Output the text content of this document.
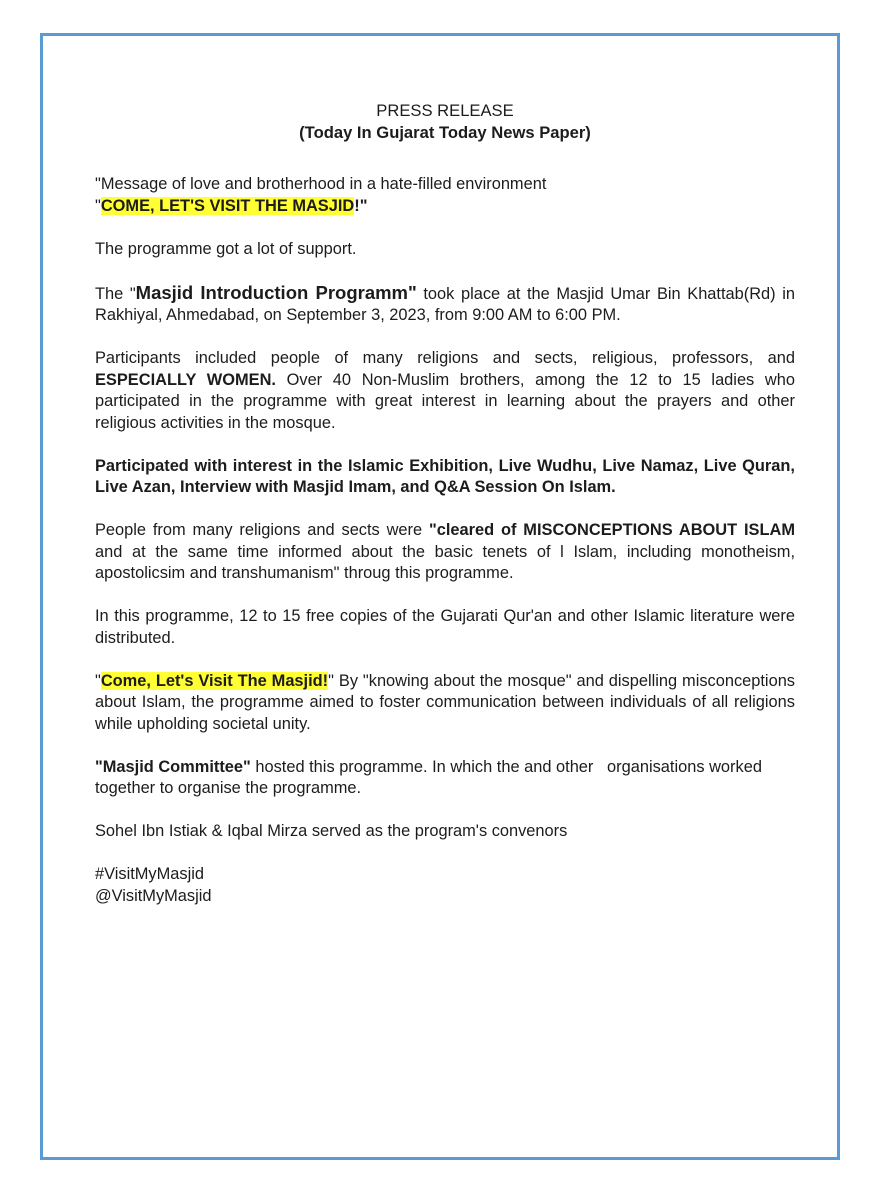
PRESS RELEASE

(Today In Gujarat Today News Paper)

"Message of love and brotherhood in a hate-filled environment
"COME, LET'S VISIT THE MASJID!"

The programme got a lot of support.

The "Masjid Introduction Programm" took place at the Masjid Umar Bin Khattab(Rd) in Rakhiyal, Ahmedabad, on September 3, 2023, from 9:00 AM to 6:00 PM.

Participants included people of many religions and sects, religious, professors, and ESPECIALLY WOMEN. Over 40 Non-Muslim brothers, among the 12 to 15 ladies who participated in the programme with great interest in learning about the prayers and other religious activities in the mosque.

Participated with interest in the Islamic Exhibition, Live Wudhu, Live Namaz, Live Quran, Live Azan, Interview with Masjid Imam, and Q&A Session On Islam.

People from many religions and sects were "cleared of MISCONCEPTIONS ABOUT ISLAM and at the same time informed about the basic tenets of l Islam, including monotheism, apostolicsim and transhumanism" throug this programme.

In this programme, 12 to 15 free copies of the Gujarati Qur'an and other Islamic literature were distributed.

"Come, Let's Visit The Masjid!" By "knowing about the mosque" and dispelling misconceptions about Islam, the programme aimed to foster communication between individuals of all religions while upholding societal unity.

"Masjid Committee" hosted this programme. In which the and other   organisations worked together to organise the programme.

Sohel Ibn Istiak & Iqbal Mirza served as the program's convenors

#VisitMyMasjid

@VisitMyMasjid
